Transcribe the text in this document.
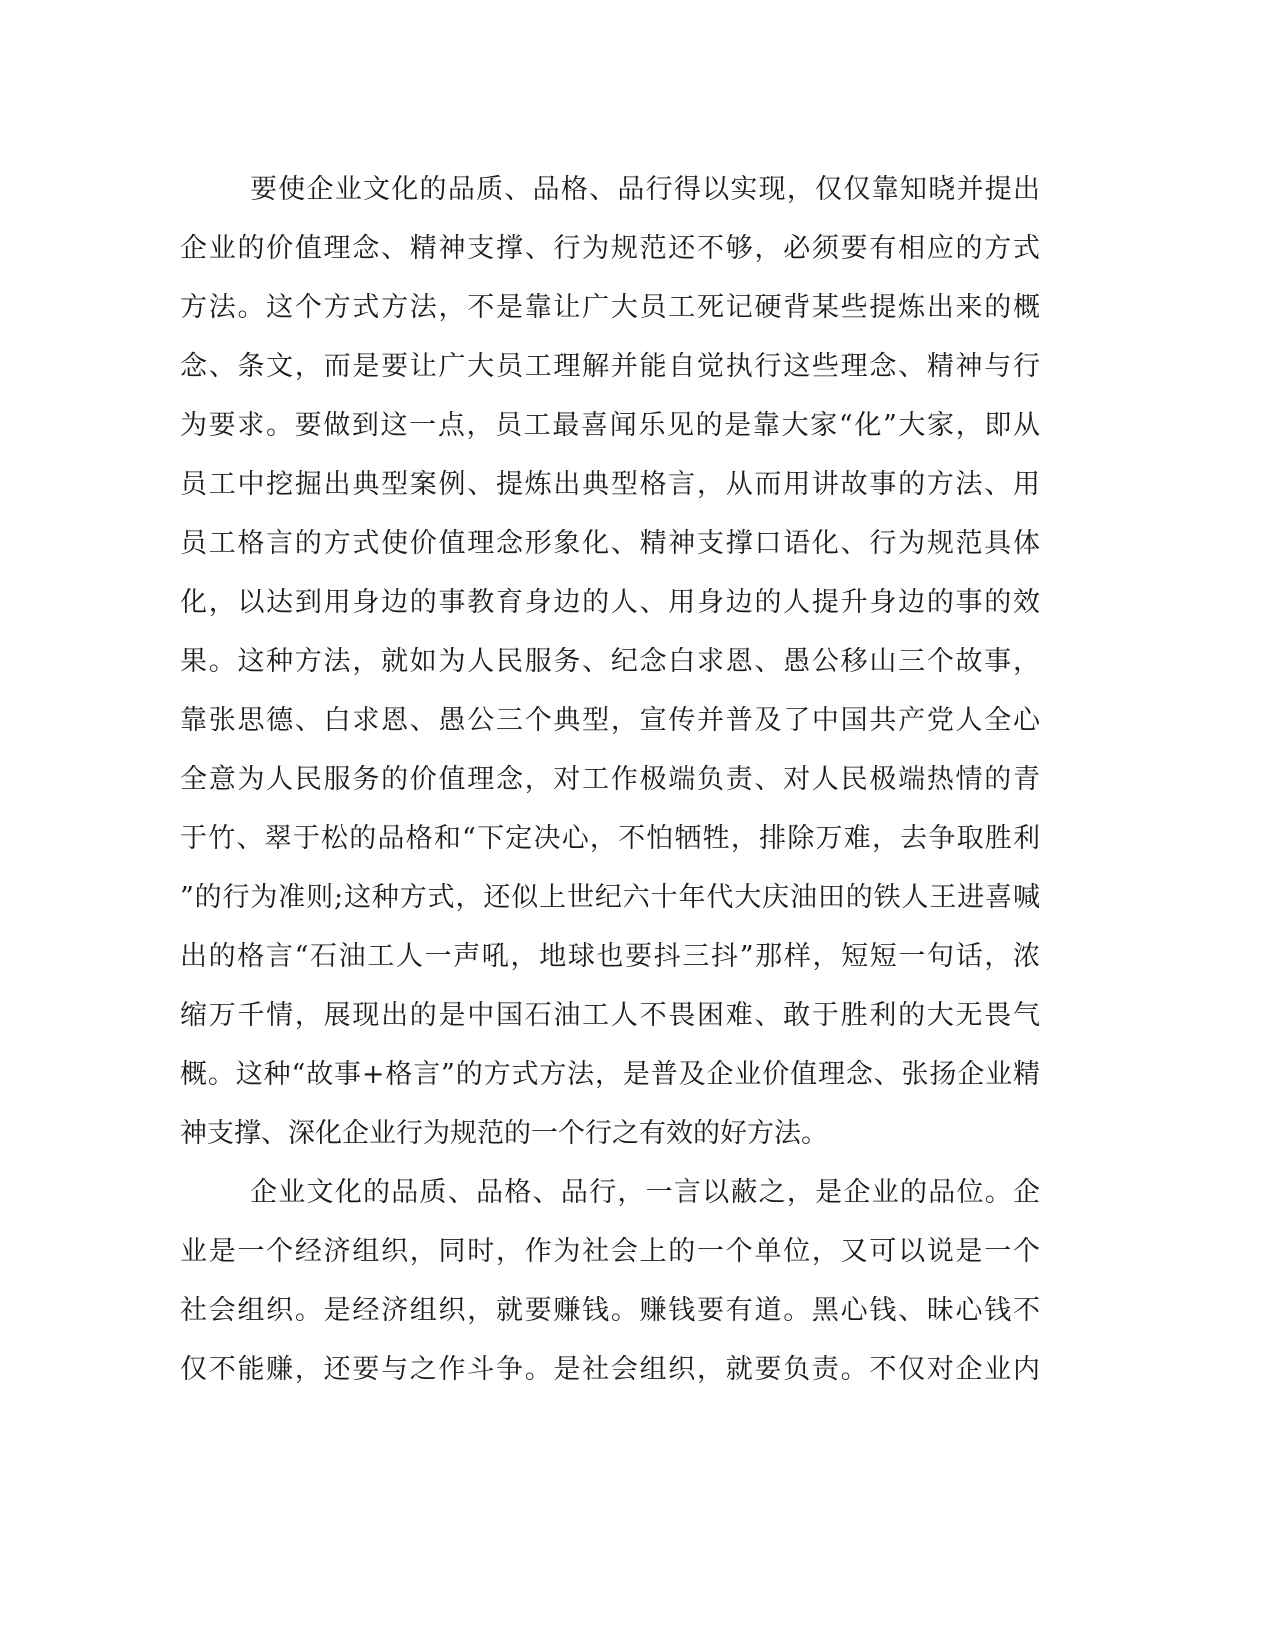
要使企业文化的品质、品格、品行得以实现，仅仅靠知晓并提出
企业的价值理念、精神支撑、行为规范还不够，必须要有相应的方式
方法。这个方式方法，不是靠让广大员工死记硬背某些提炼出来的概
念、条文，而是要让广大员工理解并能自觉执行这些理念、精神与行
为要求。要做到这一点，员工最喜闻乐见的是靠大家“化”大家，即从
员工中挖掘出典型案例、提炼出典型格言，从而用讲故事的方法、用
员工格言的方式使价值理念形象化、精神支撑口语化、行为规范具体
化，以达到用身边的事教育身边的人、用身边的人提升身边的事的效
果。这种方法，就如为人民服务、纪念白求恩、愚公移山三个故事，
靠张思德、白求恩、愚公三个典型，宣传并普及了中国共产党人全心
全意为人民服务的价值理念，对工作极端负责、对人民极端热情的青
于竹、翠于松的品格和“下定决心，不怕牺牲，排除万难，去争取胜利
”的行为准则;这种方式，还似上世纪六十年代大庆油田的铁人王进喜喊
出的格言“石油工人一声吼，地球也要抖三抖”那样，短短一句话，浓
缩万千情，展现出的是中国石油工人不畏困难、敢于胜利的大无畏气
概。这种“故事+格言”的方式方法，是普及企业价值理念、张扬企业精
神支撑、深化企业行为规范的一个行之有效的好方法。
企业文化的品质、品格、品行，一言以蔽之，是企业的品位。企
业是一个经济组织，同时，作为社会上的一个单位，又可以说是一个
社会组织。是经济组织，就要赚钱。赚钱要有道。黑心钱、昧心钱不
仅不能赚，还要与之作斗争。是社会组织，就要负责。不仅对企业内
